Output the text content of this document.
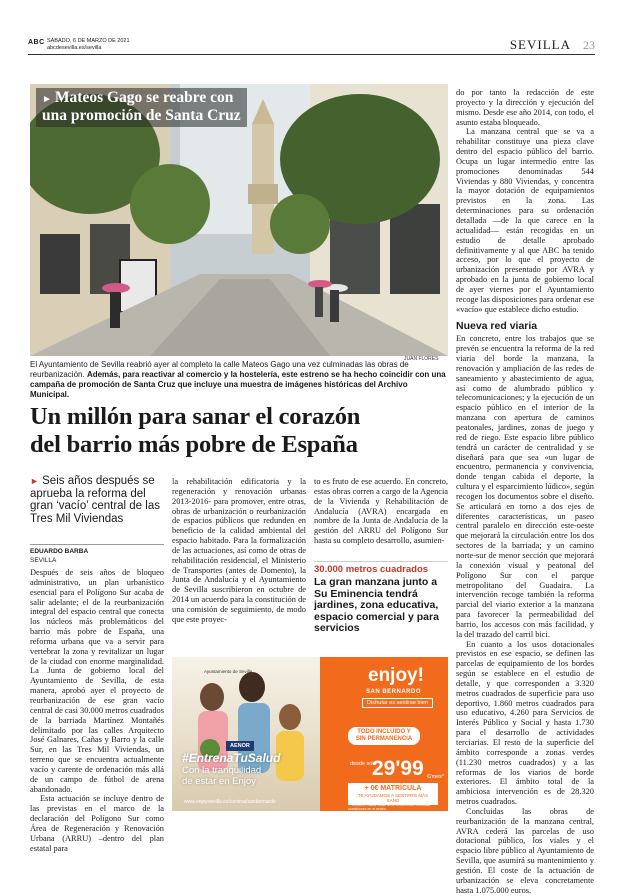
ABC SÁBADO, 6 DE MARZO DE 2021
abcdesevilla.es/sevilla	SEVILLA 23
► Mateos Gago se reabre con
una promoción de Santa Cruz
JUAN FLORES
El Ayuntamiento de Sevilla reabrió ayer al completo la calle Mateos Gago una vez culminadas las obras de reurbanización. Además, para reactivar al comercio y la hostelería, este estreno se ha hecho coincidir con una campaña de promoción de Santa Cruz que incluye una muestra de imágenes históricas del Archivo Municipal.
Un millón para sanar el corazón
del barrio más pobre de España
► Seis años después se aprueba la reforma del gran ‘vacío’ central de las Tres Mil Viviendas
EDUARDO BARBA
SEVILLA

Después de seis años de bloqueo administrativo, un plan urbanístico esencial para el Polígono Sur acaba de salir adelante; el de la reurbanización integral del espacio central que conecta los núcleos más problemáticos del barrio más pobre de España, una reforma urbana que va a servir para vertebrar la zona y revitalizar un lugar de la ciudad con enorme marginalidad. La Junta de gobierno local del Ayuntamiento de Sevilla, de esta manera, aprobó ayer el proyecto de reurbanización de ese gran vacío central de casi 30.000 metros cuadrados de la barriada Martínez Montañés delimitado por las calles Arquitecto José Galnares, Cañas y Barro y la calle Sur, en las Tres Mil Viviendas, un terreno que se encuentra actualmente vacío y carente de ordenación más allá de un campo de fútbol de arena abandonado.

Esta actuación se incluye dentro de las previstas en el marco de la declaración del Polígono Sur como Área de Regeneración y Renovación Urbana (ARRU) –dentro del plan estatal para

la rehabilitación edificatoria y la regeneración y renovación urbanas 2013-2016- para promover, entre otras, obras de urbanización o reurbanización de espacios públicos que redunden en beneficio de la calidad ambiental del espacio habitado. Para la formalización de las actuaciones, así como de otras de rehabilitación residencial, el Ministerio de Transportes (antes de Domento), la Junta de Andalucía y el Ayuntamiento de Sevilla suscribieron en octubre de 2014 un acuerdo para la constitución de una comisión de seguimiento, de modo que este proyec-

to es fruto de ese acuerdo. En concreto, estas obras corren a cargo de la Agencia de la Vivienda y Rehabilitación de Andalucía (AVRA) encargada en nombre de la Junta de Andalucía de la gestión del ARRU del Polígono Sur hasta su completo desarrollo, asumien-

30.000 metros cuadrados
La gran manzana junto a Su Eminencia tendrá jardines, zona educativa, espacio comercial y para servicios

do por tanto la redacción de este proyecto y la dirección y ejecución del mismo. Desde ese año 2014, con todo, el asunto estaba bloqueado.

La manzana central que se va a rehabilitar constituye una pieza clave dentro del espacio público del barrio. Ocupa un lugar intermedio entre las promociones denominadas 544 Viviendas y 880 Viviendas, y concentra la mayor dotación de equipamientos previstos en la zona. Las determinaciones para su ordenación detallada —de la que carece en la actualidad— están recogidas en un estudio de detalle aprobado definitivamente y al que ABC ha tenido acceso, por lo que el proyecto de urbanización presentado por AVRA y aprobado en la junta de gobierno local de ayer viernes por el Ayuntamiento recoge las disposiciones para ordenar ese «vacío» que establece dicho estudio.

Nueva red viaria

En concreto, entre los trabajos que se prevén se encuentra la reforma de la red viaria del borde la manzana, la renovación y ampliación de las redes de saneamiento y abastecimiento de agua, así como de alumbrado público y telecomunicaciones; y la ejecución de un espacio público en el interior de la manzana con apertura de caminos peatonales, jardines, zonas de juego y red de riego. Este espacio libre público tendrá un carácter de centralidad y se diseñará para que sea «un lugar de encuentro, permanencia y convivencia, donde tengan cabida el deporte, la cultura y el esparcimiento lúdico», según recogen los documentos sobre el diseño. Se articulará en torno a dos ejes de diferentes características, un paseo central paralelo en dirección este-oeste que mejorará la circulación entre los dos sectores de la barriada; y un camino norte-sur de menor sección que mejorará la conexión visual y peatonal del Polígono Sur con el parque metropolitano del Guadaira. La intervención recoge también la reforma parcial del viario exterior a la manzana para favorecer la permeabilidad del barrio, los accesos con más facilidad, y la del trazado del carril bici.

En cuanto a los usos dotacionales previstos en ese espacio, se definen las parcelas de equipamiento de los bordes según se establece en el estudio de detalle, y que corresponden a 3.320 metros cuadrados de superficie para uso deportivo, 1.860 metros cuadrados para uso educativo, 4.260 para Servicios de Interés Público y Social y hasta 1.730 para el desarrollo de actividades terciarias. El resto de la superficie del ámbito corresponde a zonas verdes (11.230 metros cuadrados) y a las reformas de los viarios de borde exteriores. El ámbito total de la ambiciosa intervención es de 28.320 metros cuadrados.

Concluidas las obras de reurbanización de la manzana central, AVRA cederá las parcelas de uso dotacional público, los viales y el espacio libre público al Ayuntamiento de Sevilla, que asumirá su mantenimiento y gestión. El coste de la actuación de urbanización se eleva concretamente hasta 1.075.000 euros.

Ayuntamiento de Sevilla
AENOR
#EntrenaTuSalud
Con la tranquilidad
de estar en Enjoy
www.enjoysevilla.es/centros/sanbernardo
enjoy!
SAN BERNARDO
Disfrutar es sentirse bien
TODO INCLUIDO Y SIN PERMANENCIA
desde solo
29'99 €/mes*
+ 0€ MATRÍCULA
TE AYUDAMOS A SENTIRTE MÁS SANO
*Promoción válida hasta fin de existencias. Consultar condiciones en el centro.
